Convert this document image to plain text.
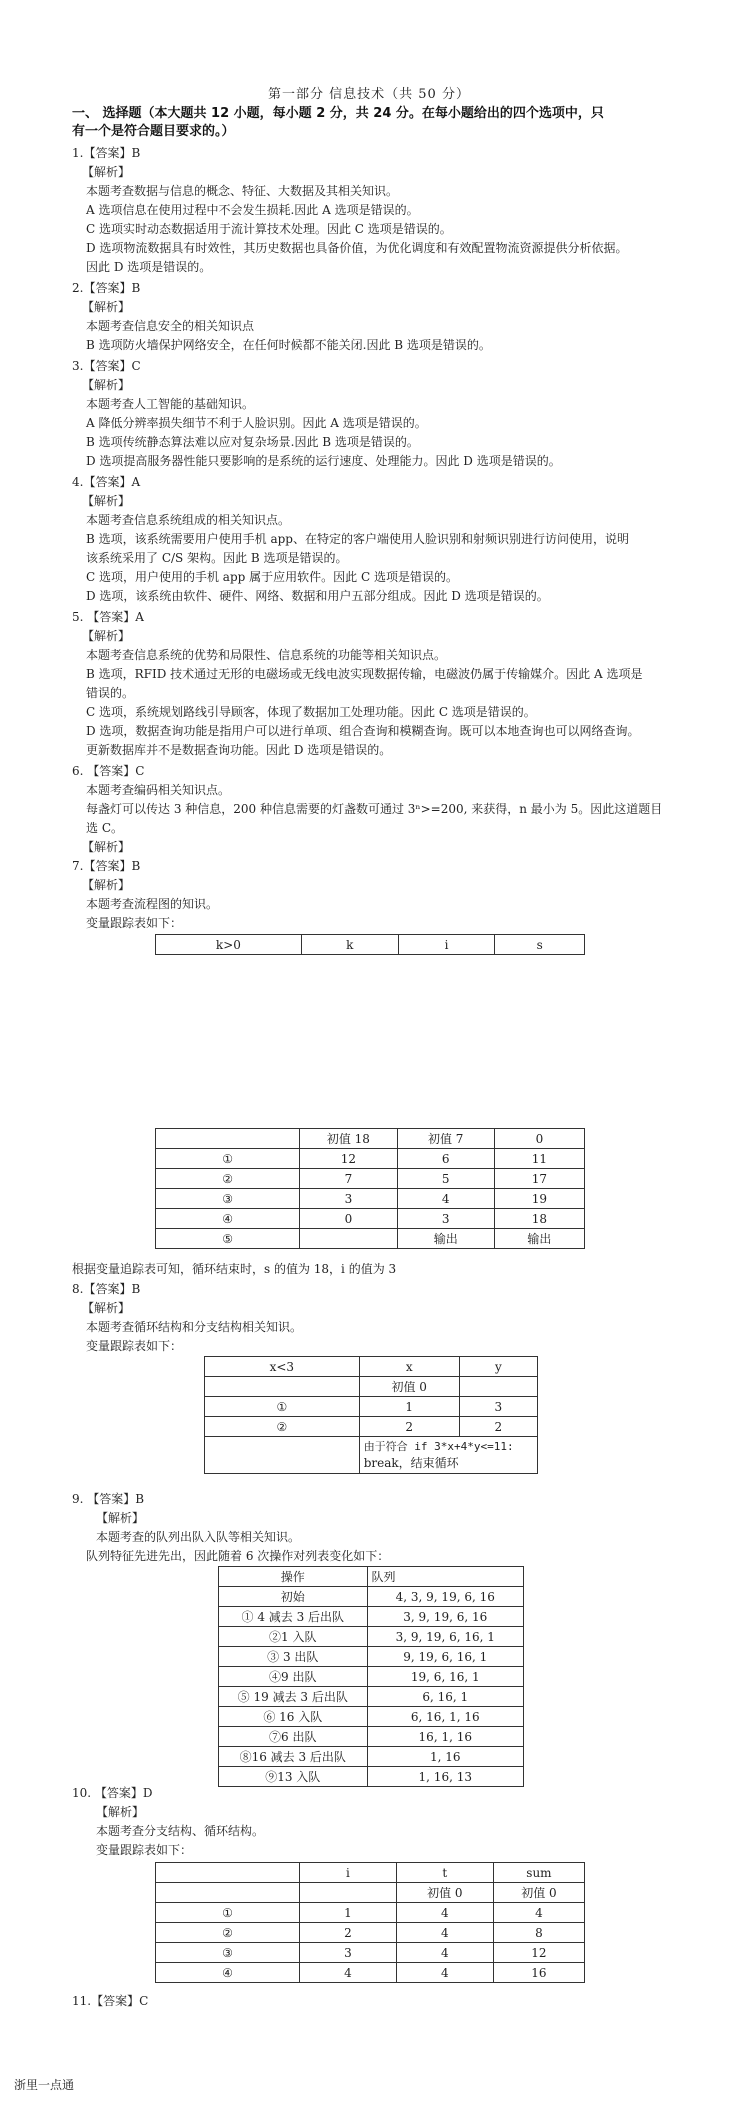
第一部分 信息技术（共 50 分）
一、 选择题（本大题共 12 小题，每小题 2 分，共 24 分。在每小题给出的四个选项中，只
有一个是符合题目要求的。）
1.【答案】B
【解析】
本题考查数据与信息的概念、特征、大数据及其相关知识。
A 选项信息在使用过程中不会发生损耗.因此 A 选项是错误的。
C 选项实时动态数据适用于流计算技术处理。因此 C 选项是错误的。
D 选项物流数据具有时效性，其历史数据也具备价值，为优化调度和有效配置物流资源提供分析依据。
因此 D 选项是错误的。
2.【答案】B
【解析】
本题考查信息安全的相关知识点
B 选项防火墙保护网络安全，在任何时候都不能关闭.因此 B 选项是错误的。
3.【答案】C
【解析】
本题考查人工智能的基础知识。
A 降低分辨率损失细节不利于人脸识别。因此 A 选项是错误的。
B 选项传统静态算法难以应对复杂场景.因此 B 选项是错误的。
D 选项提高服务器性能只要影响的是系统的运行速度、处理能力。因此 D 选项是错误的。
4.【答案】A
【解析】
本题考查信息系统组成的相关知识点。
B 选项，该系统需要用户使用手机 app、在特定的客户端使用人脸识别和射频识别进行访问使用，说明
该系统采用了 C/S 架构。因此 B 选项是错误的。
C 选项，用户使用的手机 app 属于应用软件。因此 C 选项是错误的。
D 选项，该系统由软件、硬件、网络、数据和用户五部分组成。因此 D 选项是错误的。
5. 【答案】A
【解析】
本题考查信息系统的优势和局限性、信息系统的功能等相关知识点。
B 选项，RFID 技术通过无形的电磁场或无线电波实现数据传输，电磁波仍属于传输媒介。因此 A 选项是
错误的。
C 选项，系统规划路线引导顾客，体现了数据加工处理功能。因此 C 选项是错误的。
D 选项，数据查询功能是指用户可以进行单项、组合查询和模糊查询。既可以本地查询也可以网络查询。
更新数据库并不是数据查询功能。因此 D 选项是错误的。
6. 【答案】C
本题考查编码相关知识点。
每盏灯可以传达 3 种信息，200 种信息需要的灯盏数可通过 3ⁿ>=200, 来获得，n 最小为 5。因此这道题目
选 C。
【解析】
7.【答案】B
【解析】
本题考查流程图的知识。
变量跟踪表如下：
k>0	k	i	s
	初值 18	初值 7	0
①	12	6	11
②	7	5	17
③	3	4	19
④	0	3	18
⑤		输出	输出
根据变量追踪表可知，循环结束时，s 的值为 18，i 的值为 3
8.【答案】B
【解析】
本题考查循环结构和分支结构相关知识。
变量跟踪表如下：
x<3	x	y
	初值 0	
①	1	3
②	2	2

	由于符合 if 3*x+4*y<=11:
break，结束循环	
9. 【答案】B
【解析】
本题考查的队列出队入队等相关知识。
队列特征先进先出，因此随着 6 次操作对列表变化如下：
操作	队列
初始	4, 3, 9, 19, 6, 16
① 4 减去 3 后出队	3, 9, 19, 6, 16
②1 入队	3, 9, 19, 6, 16, 1
③ 3 出队	9, 19, 6, 16, 1
④9 出队	19, 6, 16, 1
⑤ 19 减去 3 后出队	6, 16, 1
⑥ 16 入队	6, 16, 1, 16
⑦6 出队	16, 1, 16
⑧16 减去 3 后出队	1, 16
⑨13 入队	1, 16, 13
10. 【答案】D
【解析】
本题考查分支结构、循环结构。
变量跟踪表如下：
	i	t	sum
		初值 0	初值 0
①	1	4	4
②	2	4	8
③	3	4	12
④	4	4	16
11.【答案】C
浙里一点通
